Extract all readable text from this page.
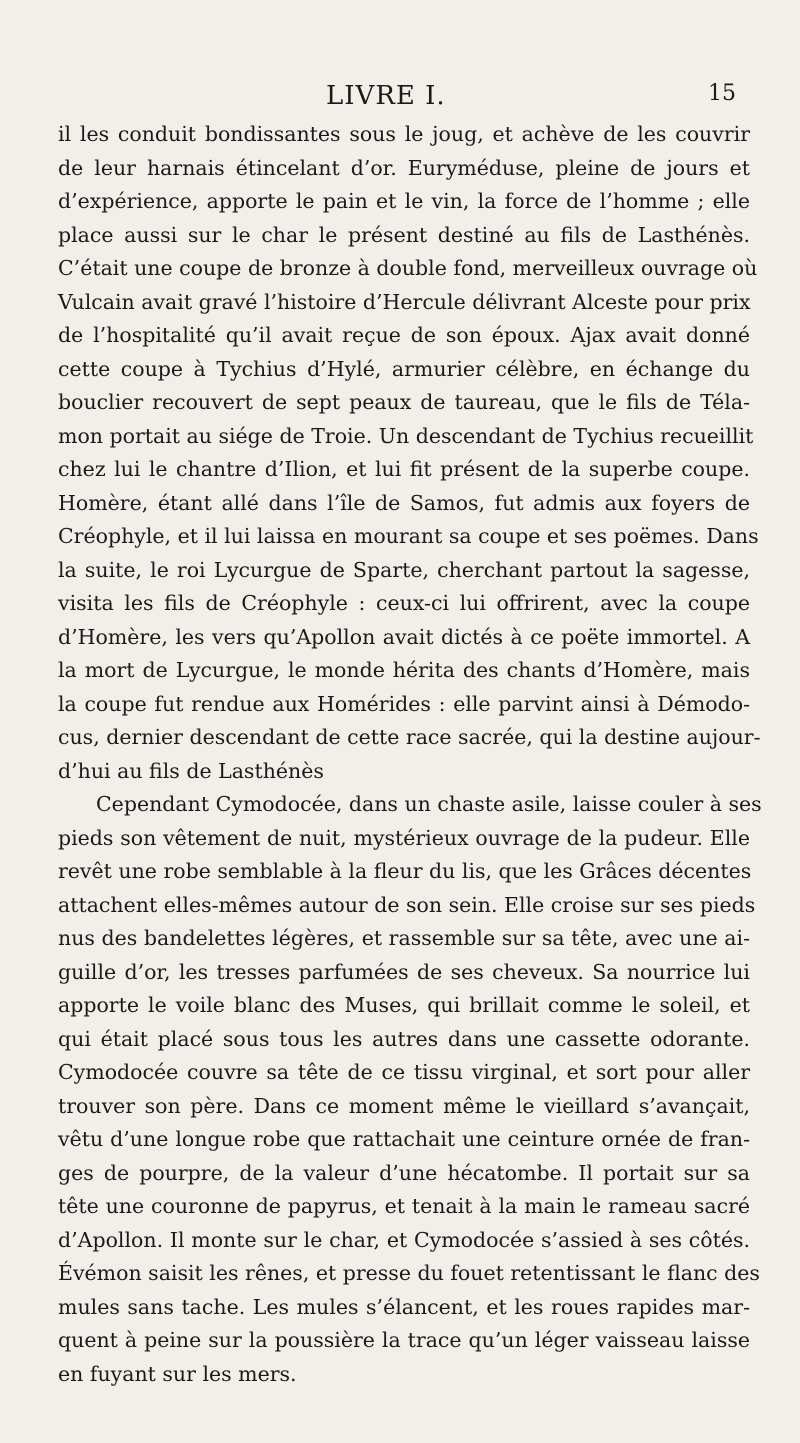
LIVRE I.	15
il les conduit bondissantes sous le joug, et achève de les couvrir
de leur harnais étincelant d’or. Euryméduse, pleine de jours et
d’expérience, apporte le pain et le vin, la force de l’homme ; elle
place aussi sur le char le présent destiné au fils de Lasthénès.
C’était une coupe de bronze à double fond, merveilleux ouvrage où
Vulcain avait gravé l’histoire d’Hercule délivrant Alceste pour prix
de l’hospitalité qu’il avait reçue de son époux. Ajax avait donné
cette coupe à Tychius d’Hylé, armurier célèbre, en échange du
bouclier recouvert de sept peaux de taureau, que le fils de Téla-
mon portait au siége de Troie. Un descendant de Tychius recueillit
chez lui le chantre d’Ilion, et lui fit présent de la superbe coupe.
Homère, étant allé dans l’île de Samos, fut admis aux foyers de
Créophyle, et il lui laissa en mourant sa coupe et ses poëmes. Dans
la suite, le roi Lycurgue de Sparte, cherchant partout la sagesse,
visita les fils de Créophyle : ceux-ci lui offrirent, avec la coupe
d’Homère, les vers qu’Apollon avait dictés à ce poëte immortel. A
la mort de Lycurgue, le monde hérita des chants d’Homère, mais
la coupe fut rendue aux Homérides : elle parvint ainsi à Démodo-
cus, dernier descendant de cette race sacrée, qui la destine aujour-
d’hui au fils de Lasthénès
Cependant Cymodocée, dans un chaste asile, laisse couler à ses
pieds son vêtement de nuit, mystérieux ouvrage de la pudeur. Elle
revêt une robe semblable à la fleur du lis, que les Grâces décentes
attachent elles-mêmes autour de son sein. Elle croise sur ses pieds
nus des bandelettes légères, et rassemble sur sa tête, avec une ai-
guille d’or, les tresses parfumées de ses cheveux. Sa nourrice lui
apporte le voile blanc des Muses, qui brillait comme le soleil, et
qui était placé sous tous les autres dans une cassette odorante.
Cymodocée couvre sa tête de ce tissu virginal, et sort pour aller
trouver son père. Dans ce moment même le vieillard s’avançait,
vêtu d’une longue robe que rattachait une ceinture ornée de fran-
ges de pourpre, de la valeur d’une hécatombe. Il portait sur sa
tête une couronne de papyrus, et tenait à la main le rameau sacré
d’Apollon. Il monte sur le char, et Cymodocée s’assied à ses côtés.
Évémon saisit les rênes, et presse du fouet retentissant le flanc des
mules sans tache. Les mules s’élancent, et les roues rapides mar-
quent à peine sur la poussière la trace qu’un léger vaisseau laisse
en fuyant sur les mers.
